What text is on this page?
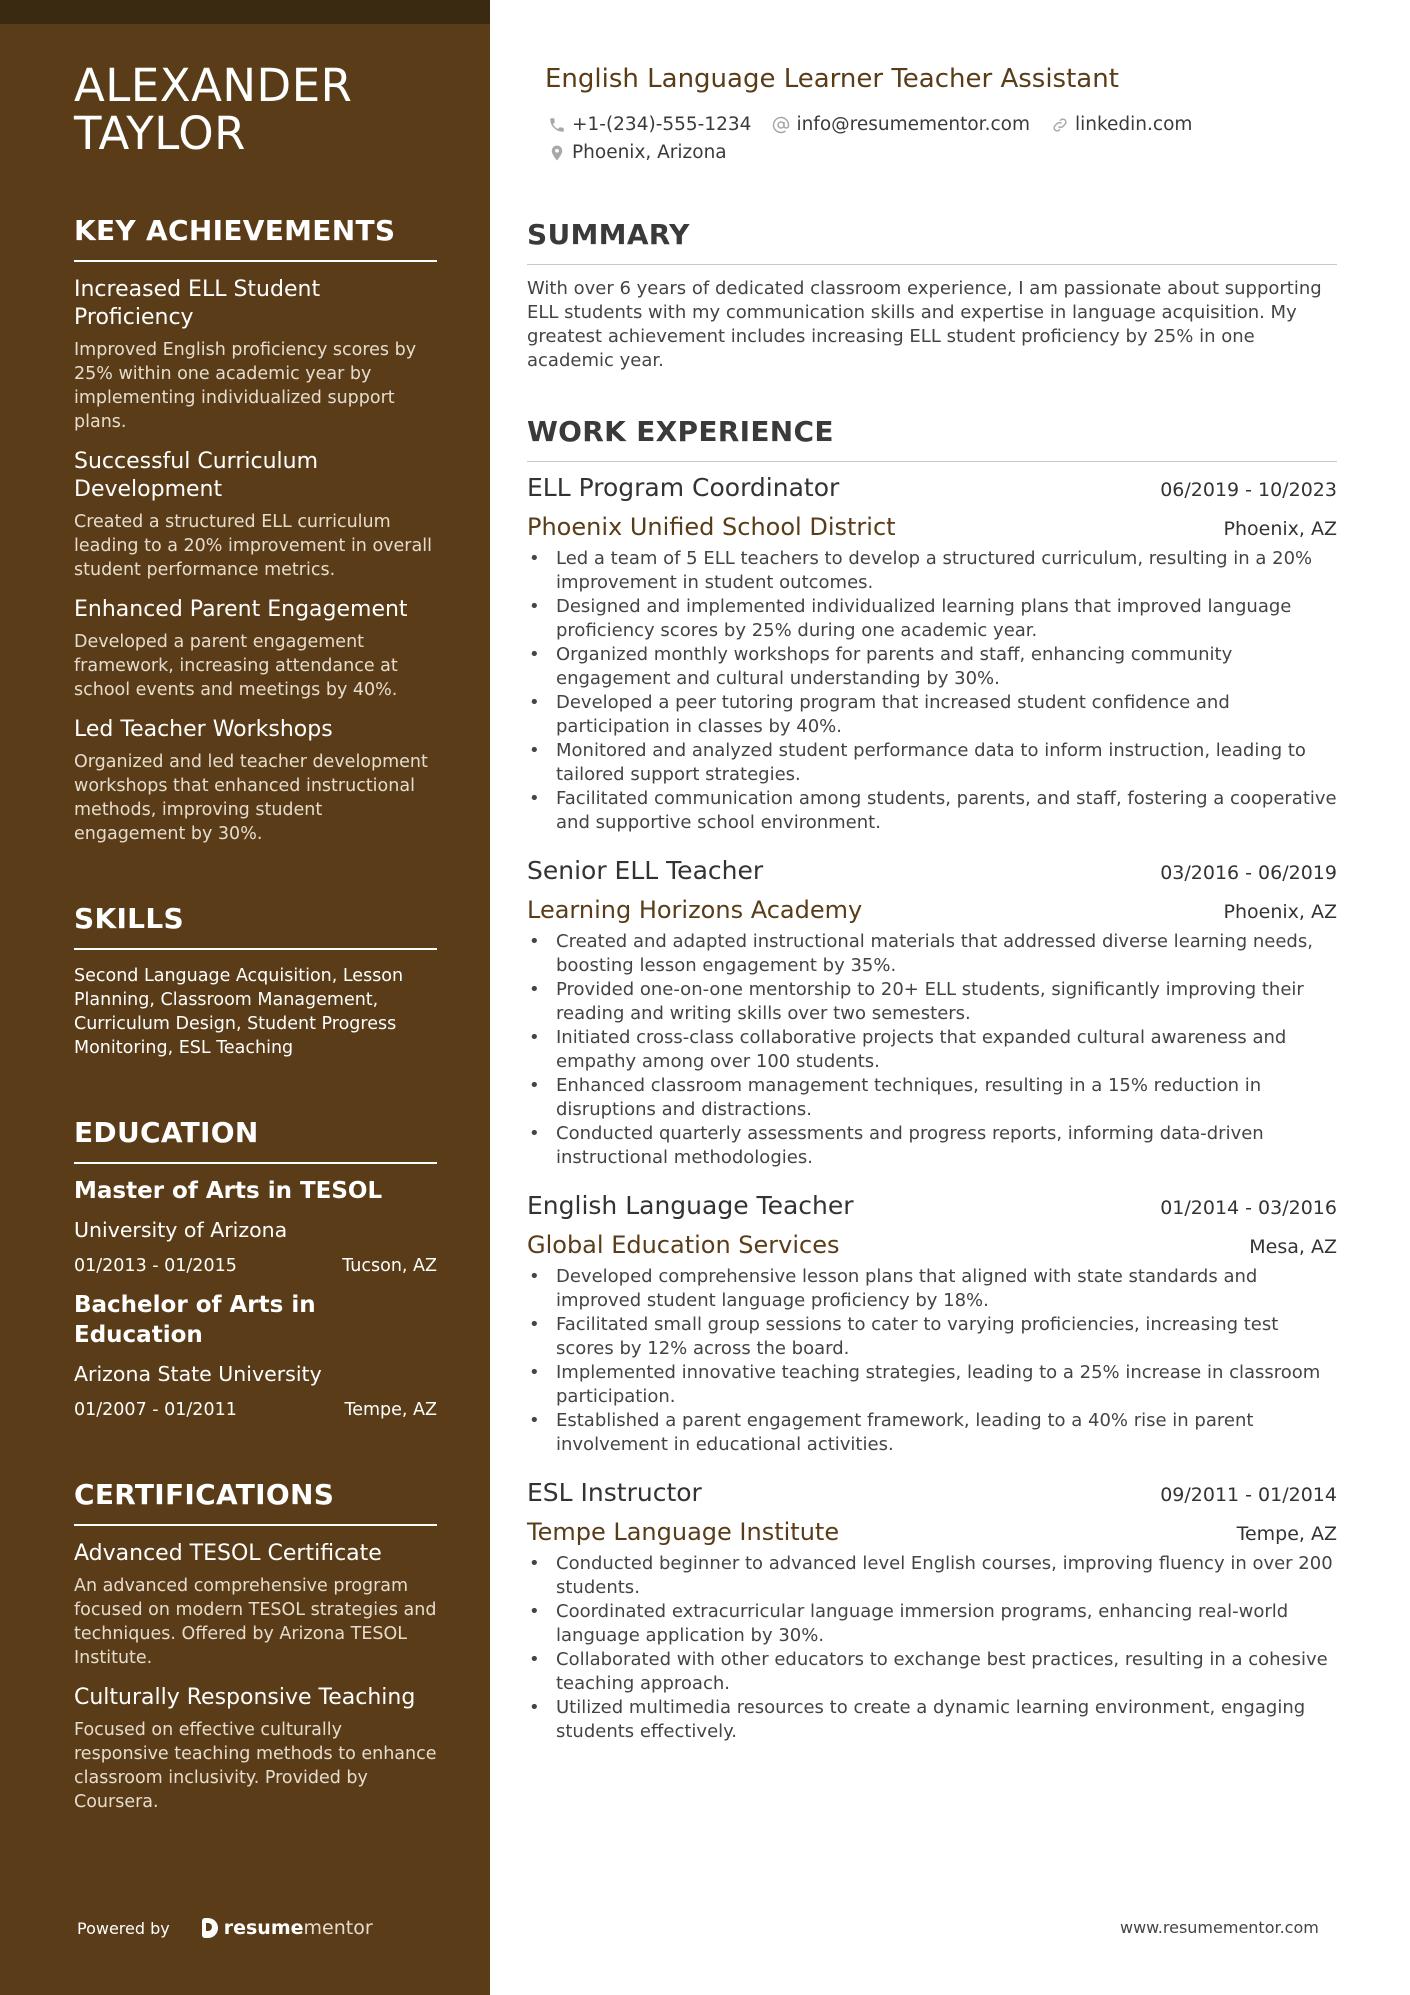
ALEXANDER
TAYLOR
KEY ACHIEVEMENTS
Increased ELL Student Proficiency
Improved English proficiency scores by 25% within one academic year by implementing individualized support plans.
Successful Curriculum Development
Created a structured ELL curriculum leading to a 20% improvement in overall student performance metrics.
Enhanced Parent Engagement
Developed a parent engagement framework, increasing attendance at school events and meetings by 40%.
Led Teacher Workshops
Organized and led teacher development workshops that enhanced instructional methods, improving student engagement by 30%.
SKILLS
Second Language Acquisition, Lesson Planning, Classroom Management, Curriculum Design, Student Progress Monitoring, ESL Teaching
EDUCATION
Master of Arts in TESOL
University of Arizona
01/2013 - 01/2015	Tucson, AZ
Bachelor of Arts in Education
Arizona State University
01/2007 - 01/2011	Tempe, AZ
CERTIFICATIONS
Advanced TESOL Certificate
An advanced comprehensive program focused on modern TESOL strategies and techniques. Offered by Arizona TESOL Institute.
Culturally Responsive Teaching
Focused on effective culturally responsive teaching methods to enhance classroom inclusivity. Provided by Coursera.
Powered by	resume mentor
English Language Learner Teacher Assistant
+1-(234)-555-1234 info@resumementor.com linkedin.com
Phoenix, Arizona
SUMMARY

With over 6 years of dedicated classroom experience, I am passionate about supporting ELL students with my communication skills and expertise in language acquisition. My greatest achievement includes increasing ELL student proficiency by 25% in one academic year.

WORK EXPERIENCE
ELL Program Coordinator	06/2019 - 10/2023
Phoenix Unified School District	Phoenix, AZ
• Led a team of 5 ELL teachers to develop a structured curriculum, resulting in a 20% improvement in student outcomes.
• Designed and implemented individualized learning plans that improved language proficiency scores by 25% during one academic year.
• Organized monthly workshops for parents and staff, enhancing community engagement and cultural understanding by 30%.
• Developed a peer tutoring program that increased student confidence and participation in classes by 40%.
• Monitored and analyzed student performance data to inform instruction, leading to tailored support strategies.
• Facilitated communication among students, parents, and staff, fostering a cooperative and supportive school environment.
Senior ELL Teacher	03/2016 - 06/2019
Learning Horizons Academy	Phoenix, AZ
• Created and adapted instructional materials that addressed diverse learning needs, boosting lesson engagement by 35%.
• Provided one-on-one mentorship to 20+ ELL students, significantly improving their reading and writing skills over two semesters.
• Initiated cross-class collaborative projects that expanded cultural awareness and empathy among over 100 students.
• Enhanced classroom management techniques, resulting in a 15% reduction in disruptions and distractions.
• Conducted quarterly assessments and progress reports, informing data-driven instructional methodologies.
English Language Teacher	01/2014 - 03/2016
Global Education Services	Mesa, AZ
• Developed comprehensive lesson plans that aligned with state standards and improved student language proficiency by 18%.
• Facilitated small group sessions to cater to varying proficiencies, increasing test scores by 12% across the board.
• Implemented innovative teaching strategies, leading to a 25% increase in classroom participation.
• Established a parent engagement framework, leading to a 40% rise in parent involvement in educational activities.
ESL Instructor	09/2011 - 01/2014
Tempe Language Institute	Tempe, AZ
• Conducted beginner to advanced level English courses, improving fluency in over 200 students.
• Coordinated extracurricular language immersion programs, enhancing real-world language application by 30%.
• Collaborated with other educators to exchange best practices, resulting in a cohesive teaching approach.
• Utilized multimedia resources to create a dynamic learning environment, engaging students effectively.
www.resumementor.com
